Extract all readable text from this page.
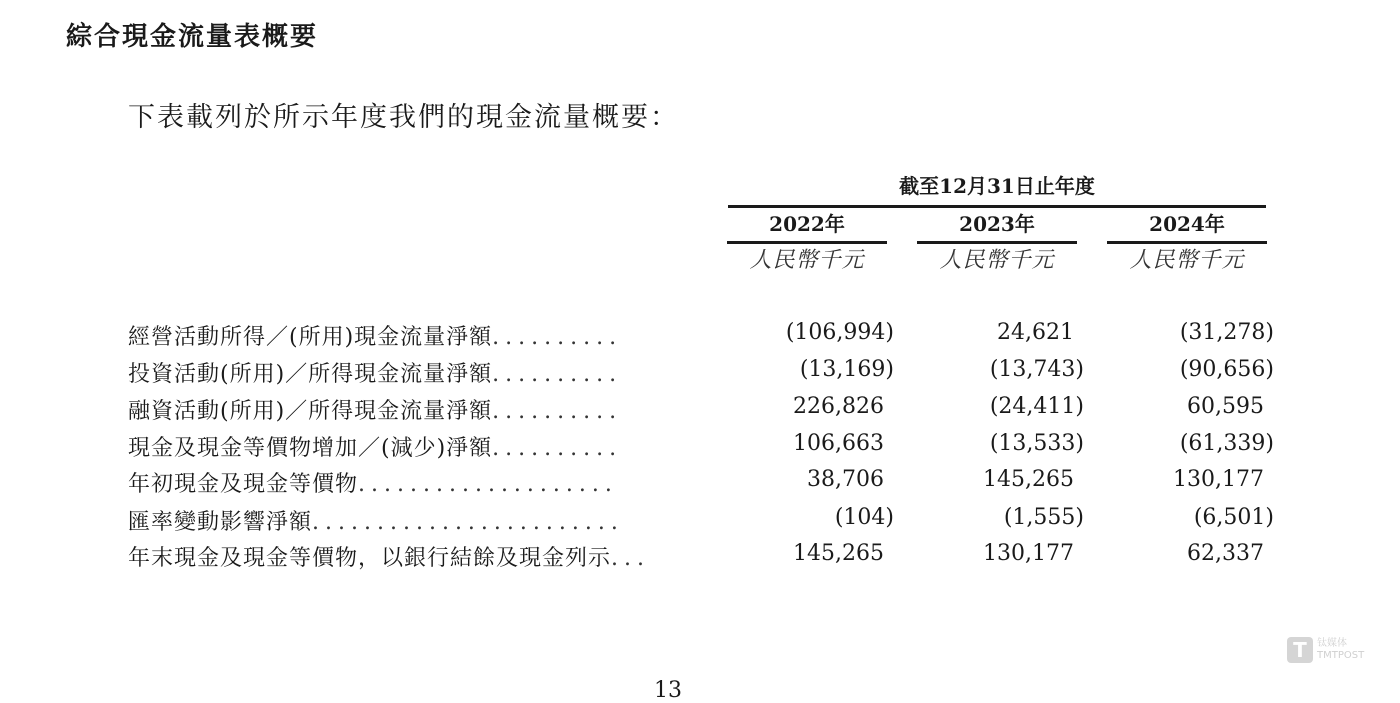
綜合現金流量表概要
下表載列於所示年度我們的現金流量概要：
截至12月31日止年度
2022年	2023年	2024年
人民幣千元	人民幣千元	人民幣千元
經營活動所得／(所用)現金流量淨額..........	(106,994)	24,621	(31,278)
投資活動(所用)／所得現金流量淨額..........	(13,169)	(13,743)	(90,656)
融資活動(所用)／所得現金流量淨額..........	226,826	(24,411)	60,595
現金及現金等價物增加／(減少)淨額..........	106,663	(13,533)	(61,339)
年初現金及現金等價物....................	38,706	145,265	130,177
匯率變動影響淨額........................	(104)	(1,555)	(6,501)
年末現金及現金等價物，以銀行結餘及現金列示...	145,265	130,177	62,337
T	钛媒体
TMTPOST
13
